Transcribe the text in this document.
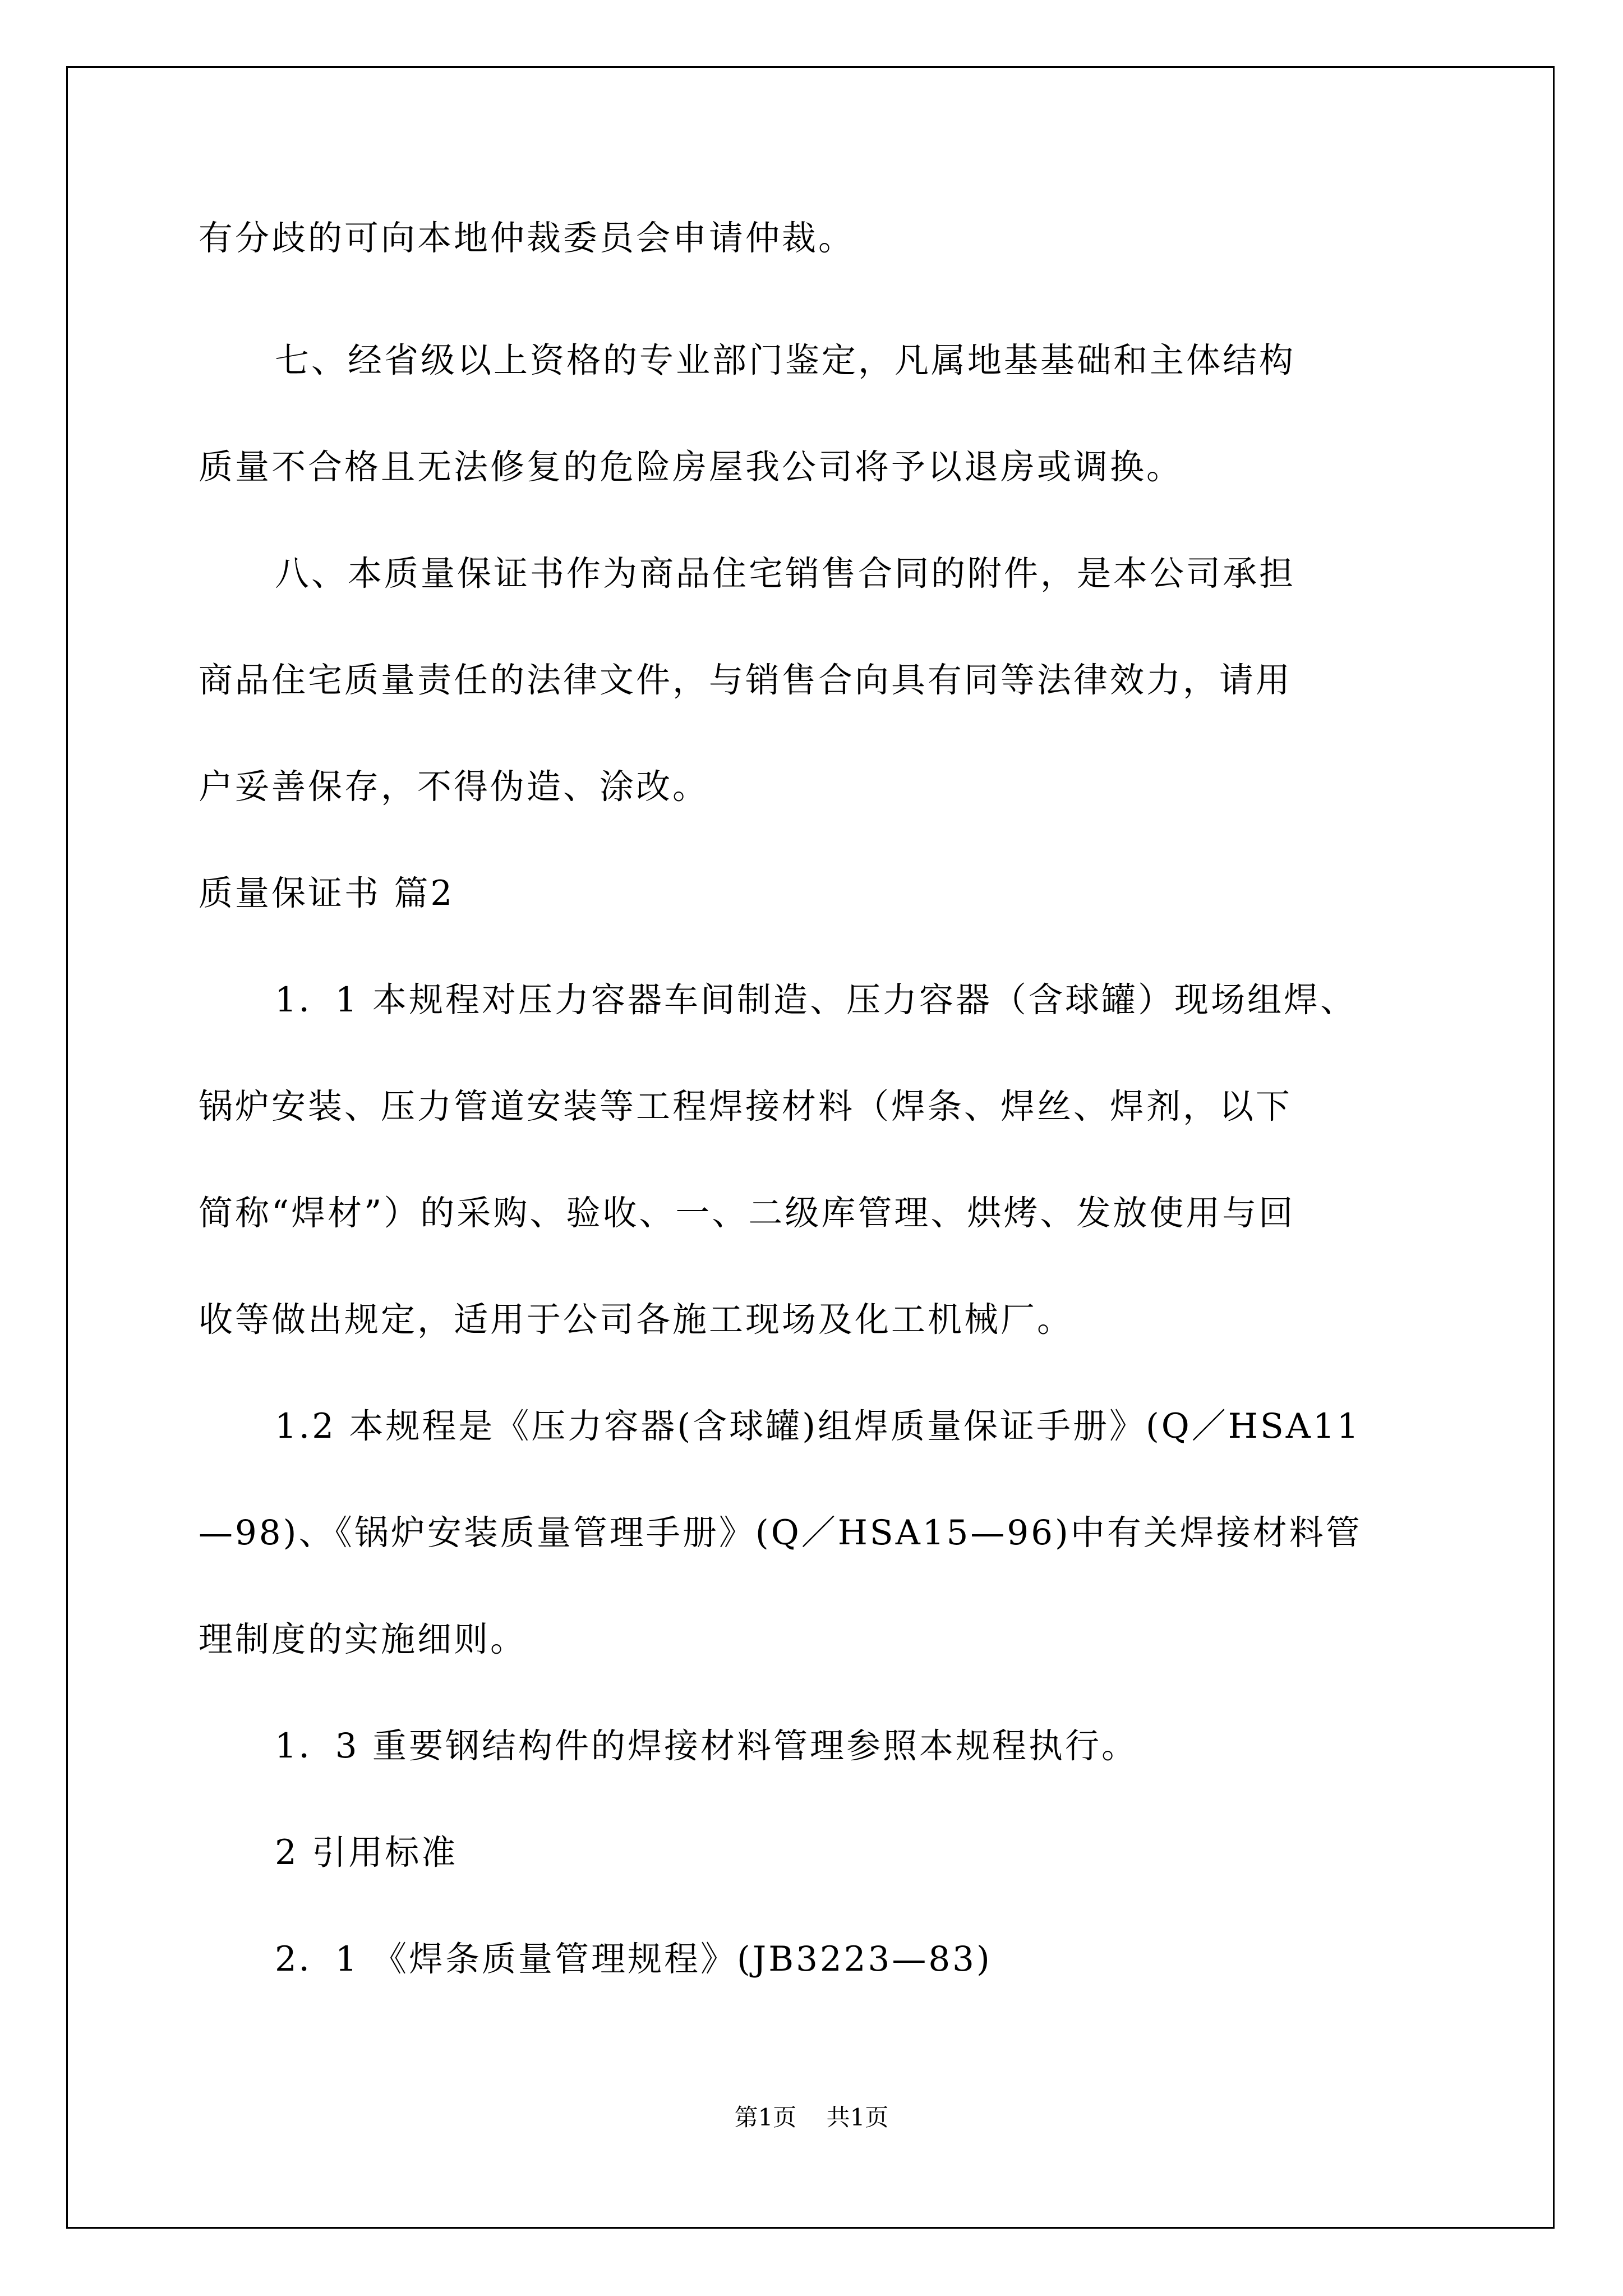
有分歧的可向本地仲裁委员会申请仲裁。
七、经省级以上资格的专业部门鉴定，凡属地基基础和主体结构
质量不合格且无法修复的危险房屋我公司将予以退房或调换。
八、本质量保证书作为商品住宅销售合同的附件，是本公司承担
商品住宅质量责任的法律文件，与销售合向具有同等法律效力，请用
户妥善保存，不得伪造、涂改。
质量保证书 篇2
1．1 本规程对压力容器车间制造、压力容器（含球罐）现场组焊、
锅炉安装、压力管道安装等工程焊接材料（焊条、焊丝、焊剂，以下
简称“焊材”）的采购、验收、一、二级库管理、烘烤、发放使用与回
收等做出规定，适用于公司各施工现场及化工机械厂。
1.2 本规程是《压力容器(含球罐)组焊质量保证手册》(Q／HSA11
—98)、《锅炉安装质量管理手册》(Q／HSA15—96)中有关焊接材料管
理制度的实施细则。
1．3 重要钢结构件的焊接材料管理参照本规程执行。
2 引用标准
2．1 《焊条质量管理规程》(JB3223—83)
第1页    共1页
